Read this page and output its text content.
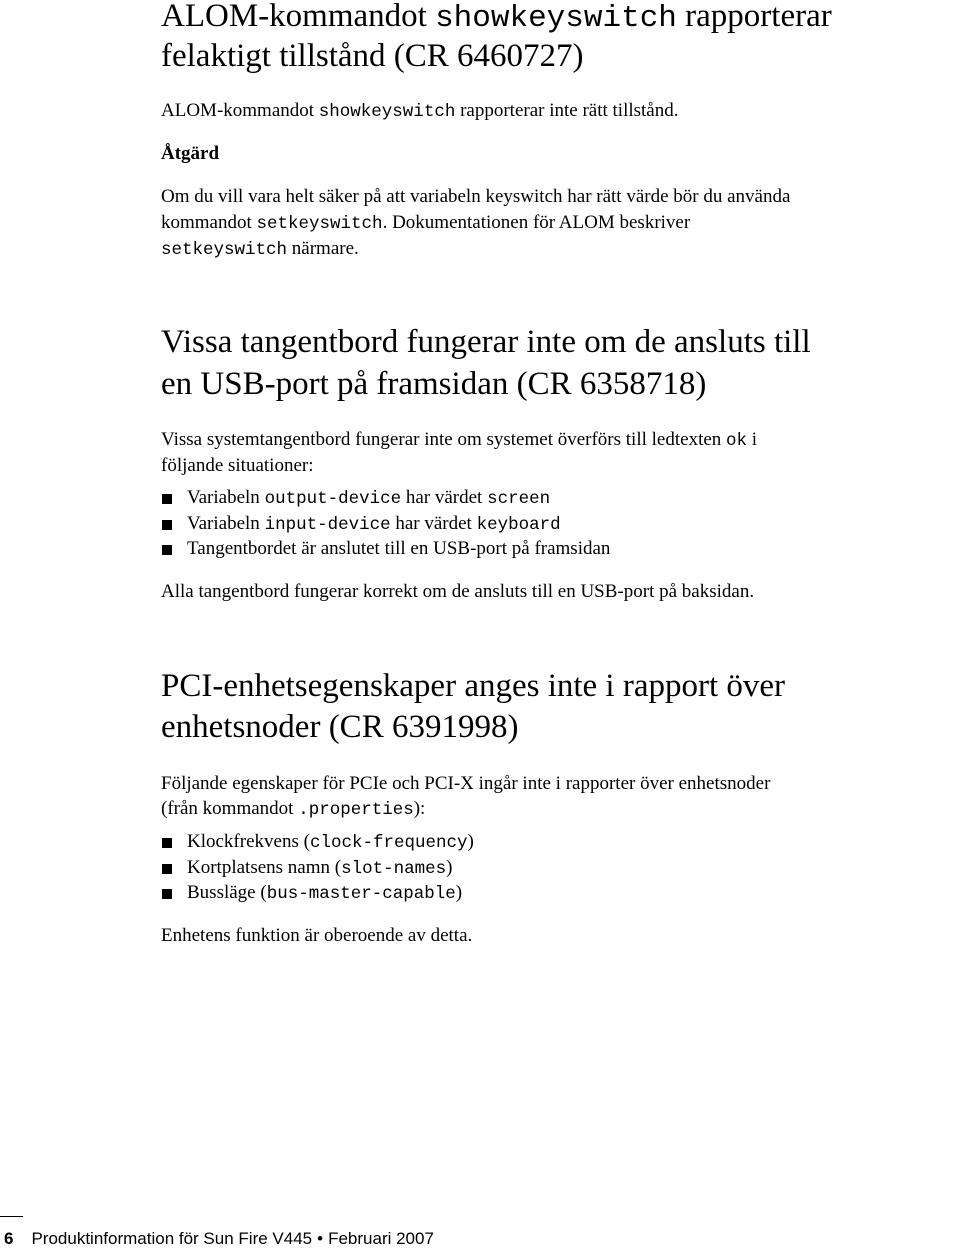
ALOM-kommandot showkeyswitch rapporterar
felaktigt tillstånd (CR 6460727)

ALOM-kommandot showkeyswitch rapporterar inte rätt tillstånd.

Åtgärd

Om du vill vara helt säker på att variabeln keyswitch har rätt värde bör du använda

kommandot setkeyswitch. Dokumentationen för ALOM beskriver

setkeyswitch närmare.

Vissa tangentbord fungerar inte om de ansluts till
en USB-port på framsidan (CR 6358718)

Vissa systemtangentbord fungerar inte om systemet överförs till ledtexten ok i

följande situationer:

Variabeln output-device har värdet screen
Variabeln input-device har värdet keyboard
Tangentbordet är anslutet till en USB-port på framsidan

Alla tangentbord fungerar korrekt om de ansluts till en USB-port på baksidan.

PCI-enhetsegenskaper anges inte i rapport över
enhetsnoder (CR 6391998)

Följande egenskaper för PCIe och PCI-X ingår inte i rapporter över enhetsnoder

(från kommandot .properties):

Klockfrekvens (clock-frequency)
Kortplatsens namn (slot-names)
Bussläge (bus-master-capable)

Enhetens funktion är oberoende av detta.

6 Produktinformation för Sun Fire V445 • Februari 2007
